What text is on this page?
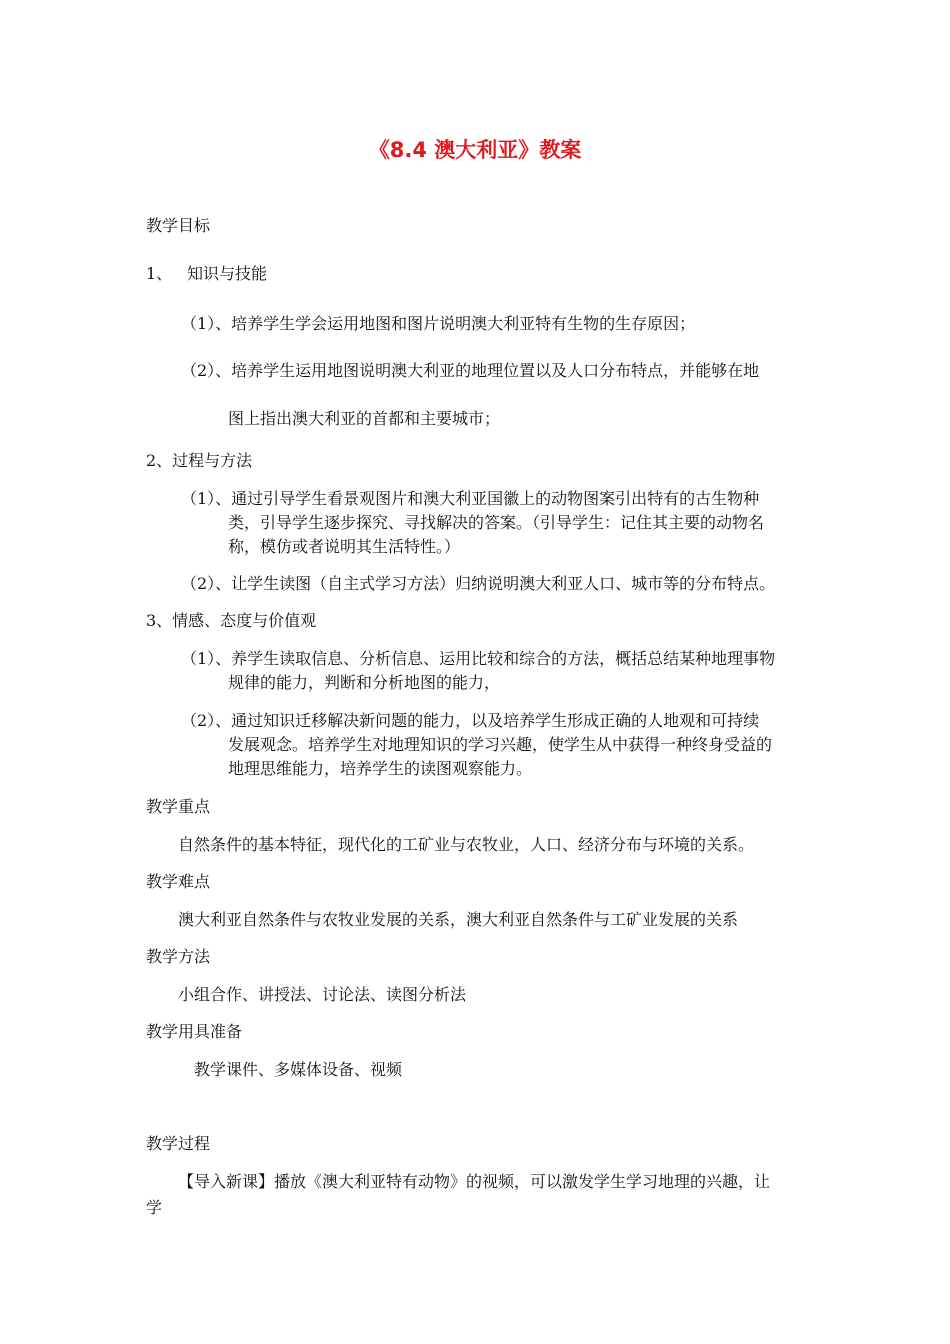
《8.4 澳大利亚》教案
教学目标
1、 知识与技能
（1）、培养学生学会运用地图和图片说明澳大利亚特有生物的生存原因；
（2）、培养学生运用地图说明澳大利亚的地理位置以及人口分布特点，并能够在地
图上指出澳大利亚的首都和主要城市；
2、过程与方法
（1）、通过引导学生看景观图片和澳大利亚国徽上的动物图案引出特有的古生物种
类，引导学生逐步探究、寻找解决的答案。（引导学生：记住其主要的动物名
称，模仿或者说明其生活特性。）
（2）、让学生读图（自主式学习方法）归纳说明澳大利亚人口、城市等的分布特点。
3、情感、态度与价值观
（1）、养学生读取信息、分析信息、运用比较和综合的方法，概括总结某种地理事物
规律的能力，判断和分析地图的能力，
（2）、通过知识迁移解决新问题的能力，以及培养学生形成正确的人地观和可持续
发展观念。培养学生对地理知识的学习兴趣，使学生从中获得一种终身受益的
地理思维能力，培养学生的读图观察能力。
教学重点
自然条件的基本特征，现代化的工矿业与农牧业，人口、经济分布与环境的关系。
教学难点
澳大利亚自然条件与农牧业发展的关系，澳大利亚自然条件与工矿业发展的关系
教学方法
小组合作、讲授法、讨论法、读图分析法
教学用具准备
教学课件、多媒体设备、视频
教学过程
【导入新课】播放《澳大利亚特有动物》的视频，可以激发学生学习地理的兴趣，让
学
